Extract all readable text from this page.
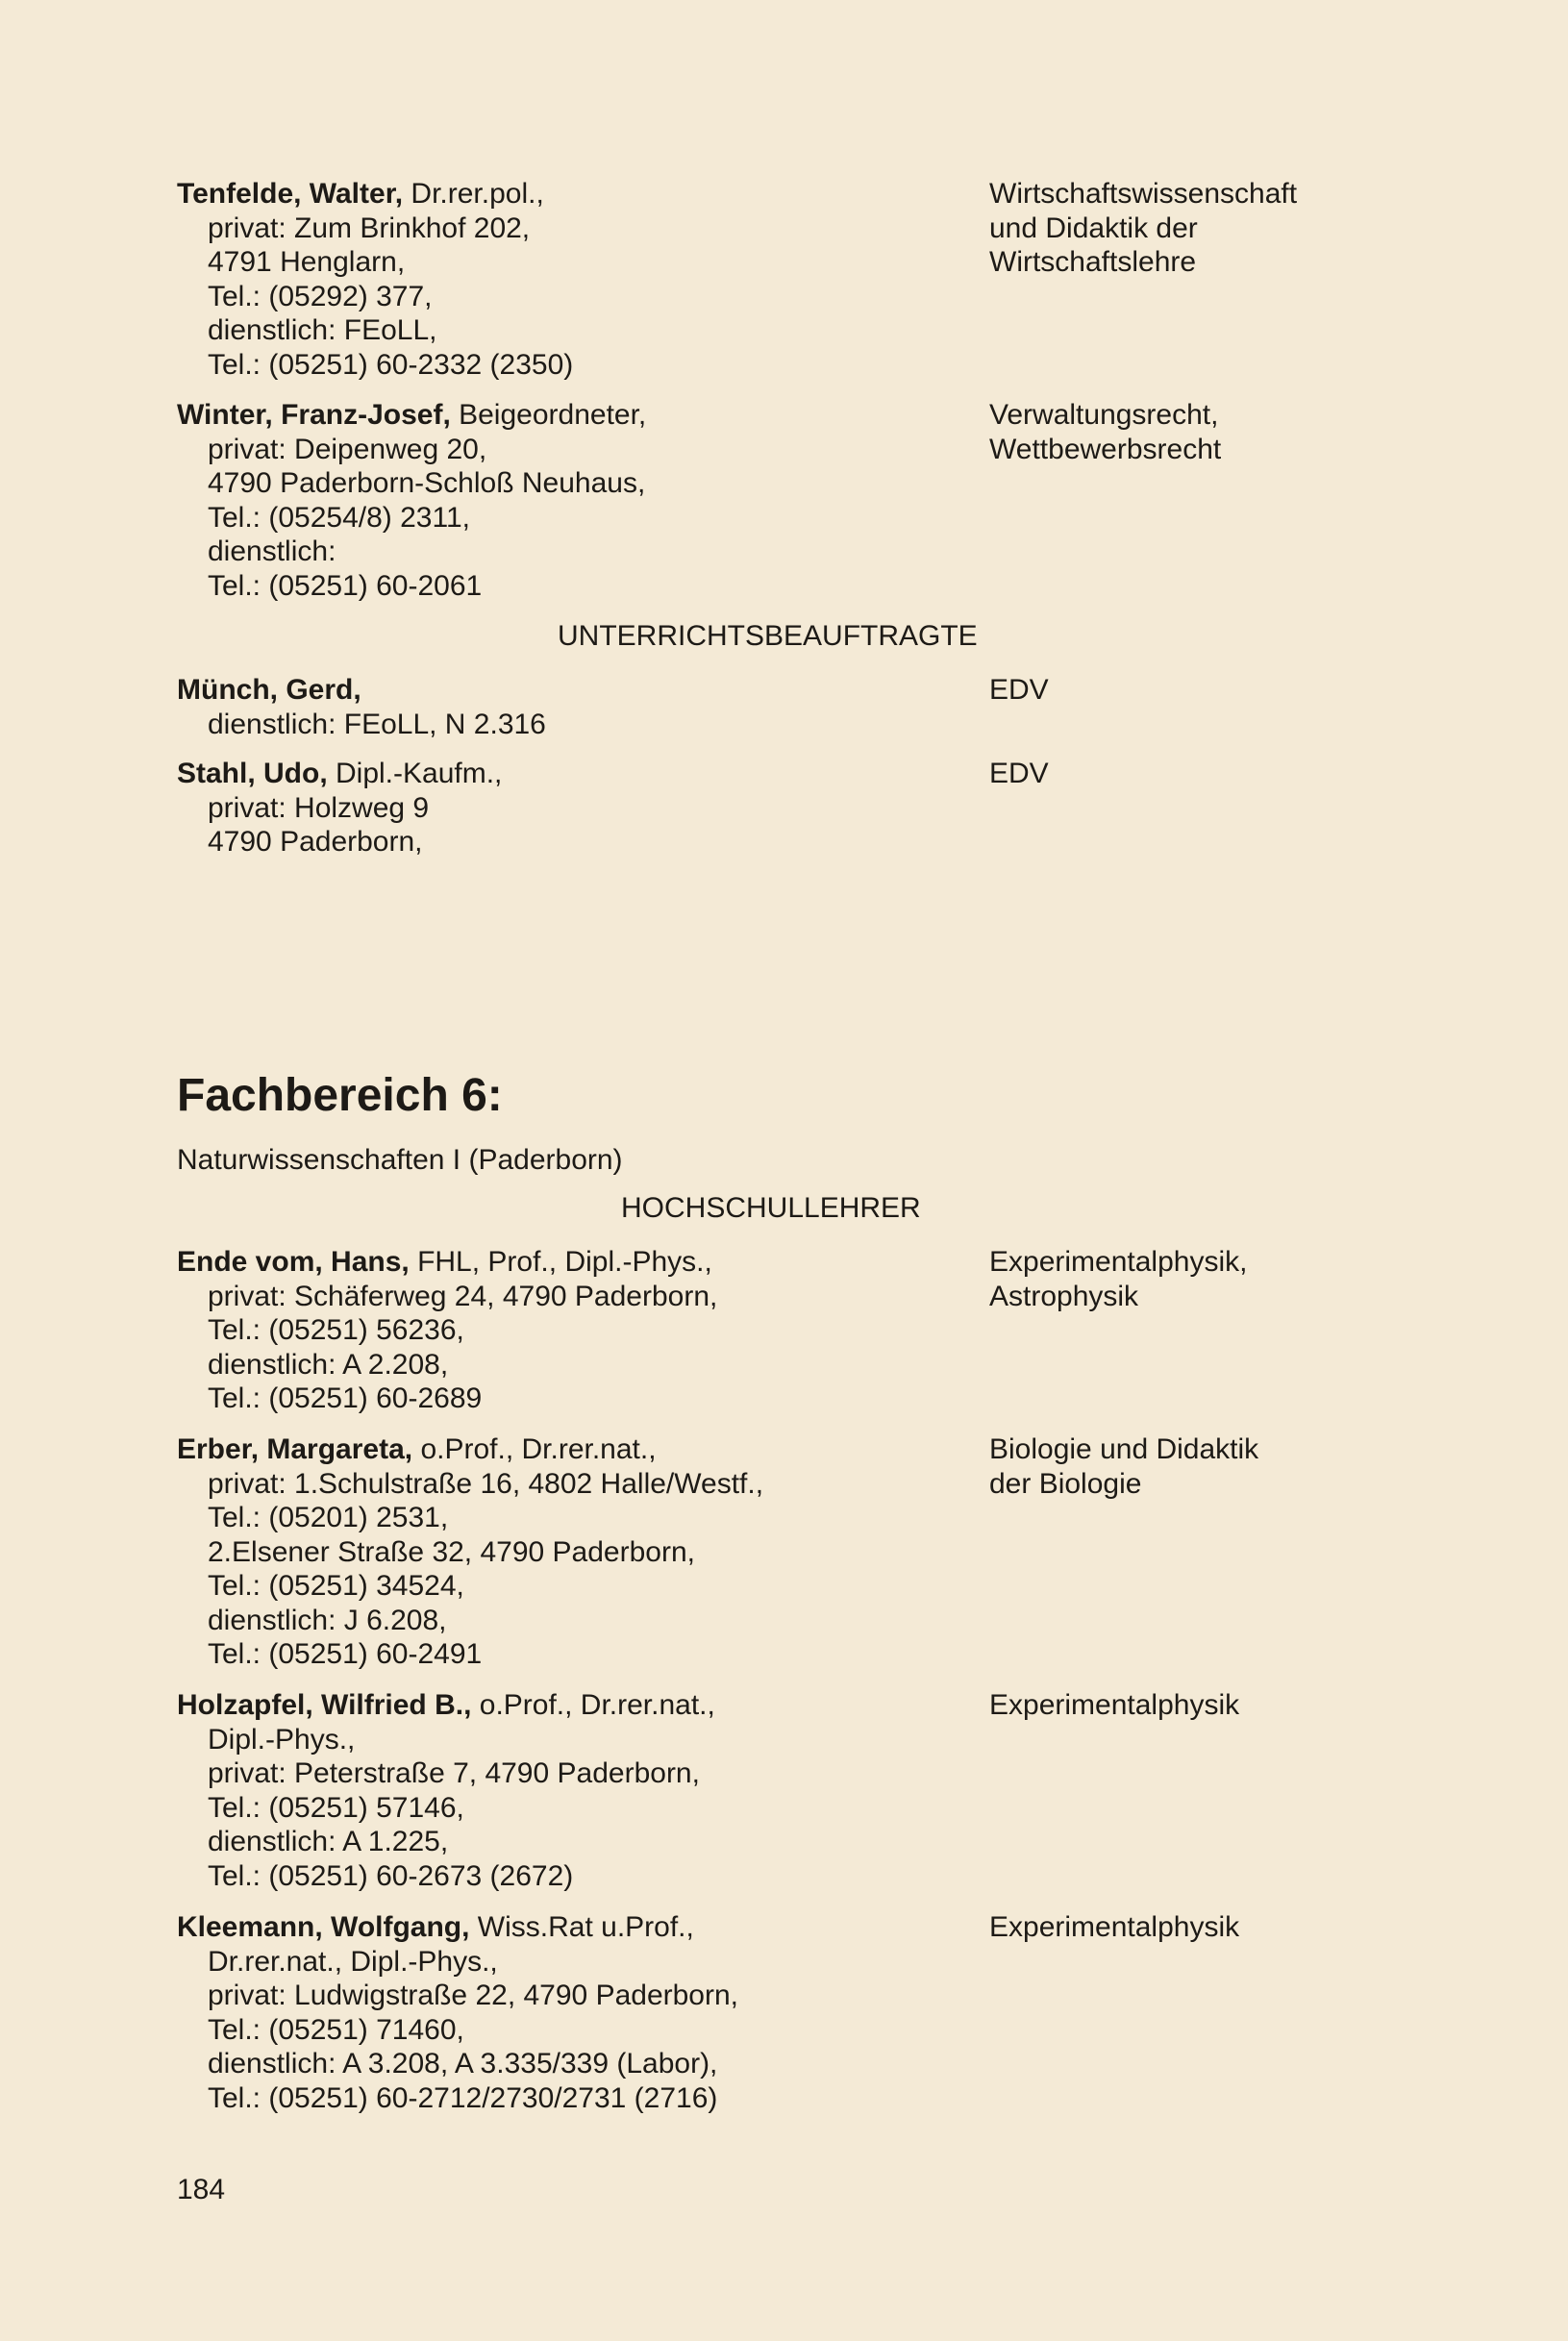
Tenfelde, Walter, Dr.rer.pol.,
privat: Zum Brinkhof 202,
4791 Henglarn,
Tel.: (05292) 377,
dienstlich: FEoLL,
Tel.: (05251) 60-2332 (2350)
Wirtschaftswissenschaft
und Didaktik der
Wirtschaftslehre
Winter, Franz-Josef, Beigeordneter,
privat: Deipenweg 20,
4790 Paderborn-Schloß Neuhaus,
Tel.: (05254/8) 2311,
dienstlich:
Tel.: (05251) 60-2061
Verwaltungsrecht,
Wettbewerbsrecht
UNTERRICHTSBEAUFTRAGTE
Münch, Gerd,
dienstlich: FEoLL, N 2.316
EDV
Stahl, Udo, Dipl.-Kaufm.,
privat: Holzweg 9
4790 Paderborn,
EDV
Fachbereich 6:
Naturwissenschaften I (Paderborn)
HOCHSCHULLEHRER
Ende vom, Hans, FHL, Prof., Dipl.-Phys.,
privat: Schäferweg 24, 4790 Paderborn,
Tel.: (05251) 56236,
dienstlich: A 2.208,
Tel.: (05251) 60-2689
Experimentalphysik,
Astrophysik
Erber, Margareta, o.Prof., Dr.rer.nat.,
privat: 1.Schulstraße 16, 4802 Halle/Westf.,
Tel.: (05201) 2531,
2.Elsener Straße 32, 4790 Paderborn,
Tel.: (05251) 34524,
dienstlich: J 6.208,
Tel.: (05251) 60-2491
Biologie und Didaktik
der Biologie
Holzapfel, Wilfried B., o.Prof., Dr.rer.nat.,
Dipl.-Phys.,
privat: Peterstraße 7, 4790 Paderborn,
Tel.: (05251) 57146,
dienstlich: A 1.225,
Tel.: (05251) 60-2673 (2672)
Experimentalphysik
Kleemann, Wolfgang, Wiss.Rat u.Prof.,
Dr.rer.nat., Dipl.-Phys.,
privat: Ludwigstraße 22, 4790 Paderborn,
Tel.: (05251) 71460,
dienstlich: A 3.208, A 3.335/339 (Labor),
Tel.: (05251) 60-2712/2730/2731 (2716)
Experimentalphysik
184
